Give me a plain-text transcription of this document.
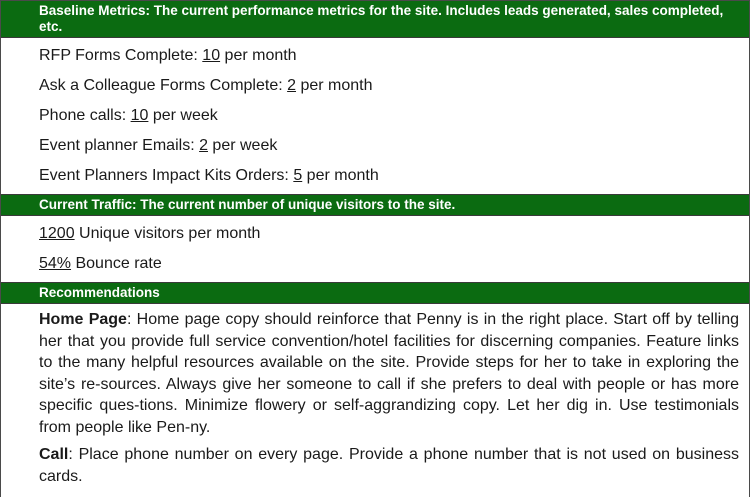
Baseline Metrics: The current performance metrics for the site. Includes leads generated, sales completed, etc.
RFP Forms Complete: 10 per month
Ask a Colleague Forms Complete: 2 per month
Phone calls: 10 per week
Event planner Emails: 2 per week
Event Planners Impact Kits Orders: 5 per month
Current Traffic: The current number of unique visitors to the site.
1200 Unique visitors per month
54% Bounce rate
Recommendations

Home Page: Home page copy should reinforce that Penny is in the right place. Start off by telling her that you provide full service convention/hotel facilities for discerning companies. Feature links to the many helpful resources available on the site. Provide steps for her to take in exploring the site’s re-sources. Always give her someone to call if she prefers to deal with people or has more specific ques-tions. Minimize flowery or self-aggrandizing copy. Let her dig in. Use testimonials from people like Pen-ny.

Call: Place phone number on every page. Provide a phone number that is not used on business cards.
